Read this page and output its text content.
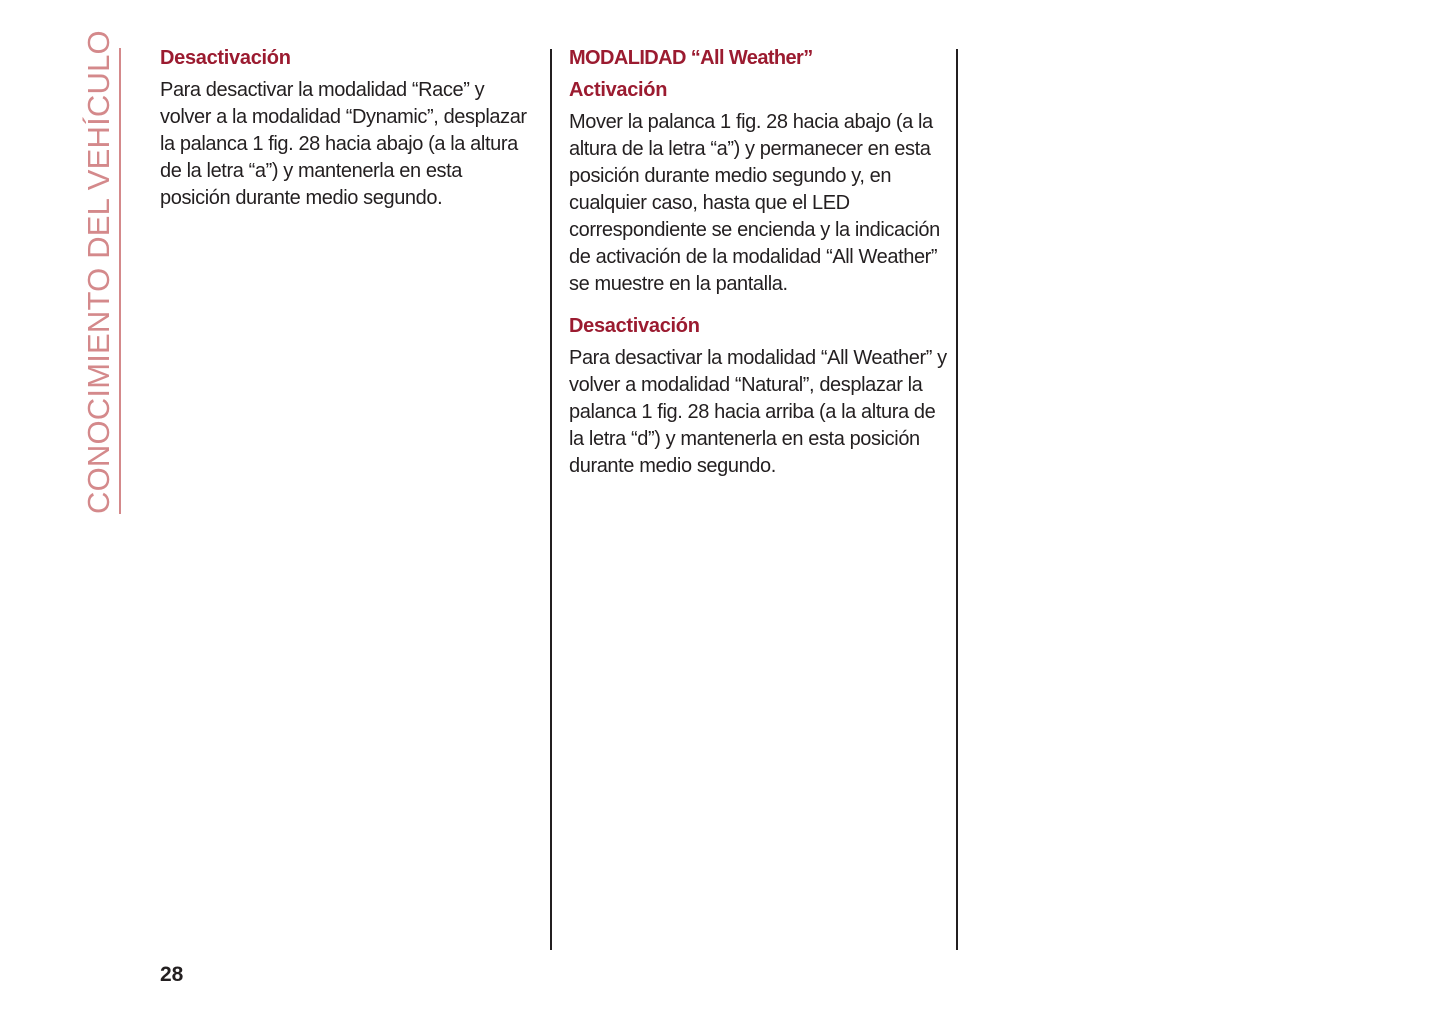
CONOCIMIENTO DEL VEHÍCULO Desactivación

Para desactivar la modalidad “Race” y volver a la modalidad “Dynamic”, desplazar la palanca 1 fig. 28 hacia abajo (a la altura de la letra “a”) y mantenerla en esta posición durante medio segundo.

MODALIDAD “All Weather”
Activación

Mover la palanca 1 fig. 28 hacia abajo (a la altura de la letra “a”) y permanecer en esta posición durante medio segundo y, en cualquier caso, hasta que el LED correspondiente se encienda y la indicación de activación de la modalidad “All Weather” se muestre en la pantalla.

Desactivación

Para desactivar la modalidad “All Weather” y volver a modalidad “Natural”, desplazar la palanca 1 fig. 28 hacia arriba (a la altura de la letra “d”) y mantenerla en esta posición durante medio segundo.

28
